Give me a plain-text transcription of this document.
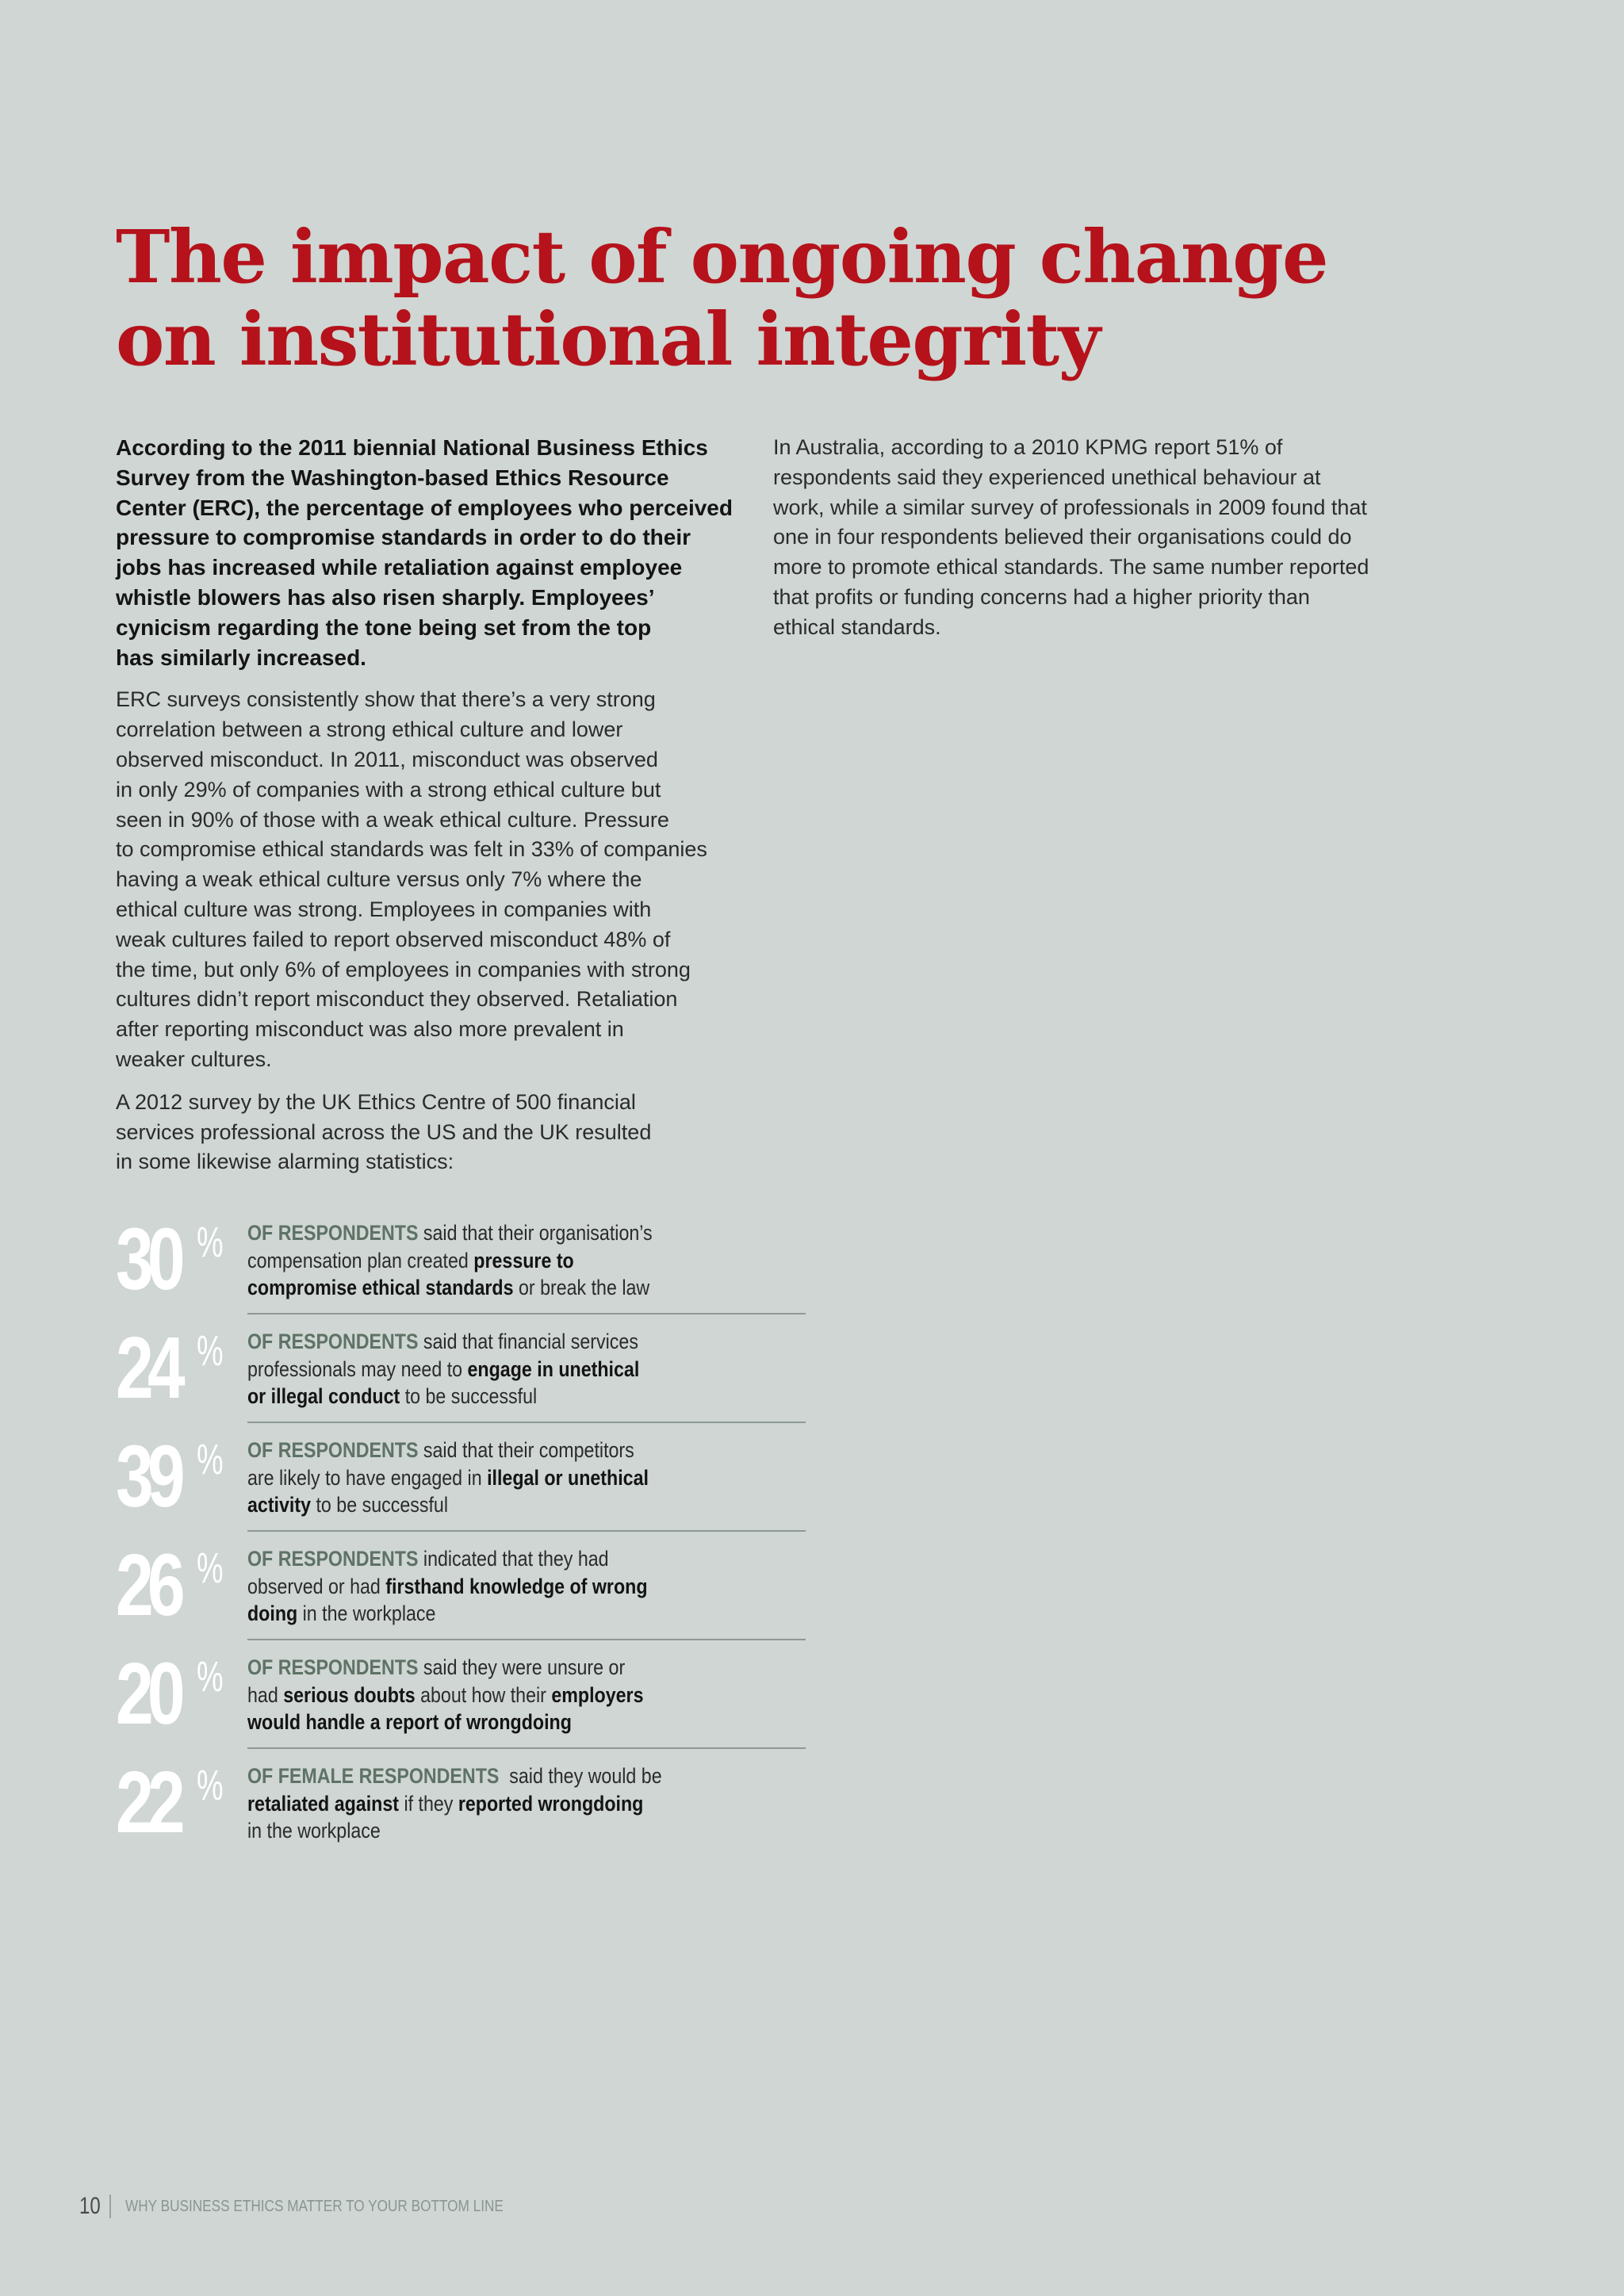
The impact of ongoing change
on institutional integrity

According to the 2011 biennial National Business Ethics
Survey from the Washington-based Ethics Resource
Center (ERC), the percentage of employees who perceived
pressure to compromise standards in order to do their
jobs has increased while retaliation against employee
whistle blowers has also risen sharply. Employees’
cynicism regarding the tone being set from the top
has similarly increased.

ERC surveys consistently show that there’s a very strong
correlation between a strong ethical culture and lower
observed misconduct. In 2011, misconduct was observed
in only 29% of companies with a strong ethical culture but
seen in 90% of those with a weak ethical culture. Pressure
to compromise ethical standards was felt in 33% of companies
having a weak ethical culture versus only 7% where the
ethical culture was strong. Employees in companies with
weak cultures failed to report observed misconduct 48% of
the time, but only 6% of employees in companies with strong
cultures didn’t report misconduct they observed. Retaliation
after reporting misconduct was also more prevalent in
weaker cultures.

A 2012 survey by the UK Ethics Centre of 500 financial
services professional across the US and the UK resulted
in some likewise alarming statistics:

In Australia, according to a 2010 KPMG report 51% of
respondents said they experienced unethical behaviour at
work, while a similar survey of professionals in 2009 found that
one in four respondents believed their organisations could do
more to promote ethical standards. The same number reported
that profits or funding concerns had a higher priority than
ethical standards.

30 % OF RESPONDENTS said that their organisation’s
compensation plan created pressure to
compromise ethical standards or break the law
24 % OF RESPONDENTS said that financial services
professionals may need to engage in unethical
or illegal conduct to be successful
39 % OF RESPONDENTS said that their competitors
are likely to have engaged in illegal or unethical
activity to be successful
26 % OF RESPONDENTS indicated that they had
observed or had firsthand knowledge of wrong
doing in the workplace
20 % OF RESPONDENTS said they were unsure or
had serious doubts about how their employers
would handle a report of wrongdoing
22 % OF FEMALE RESPONDENTS  said they would be
retaliated against if they reported wrongdoing
in the workplace
10 WHY BUSINESS ETHICS MATTER TO YOUR BOTTOM LINE
